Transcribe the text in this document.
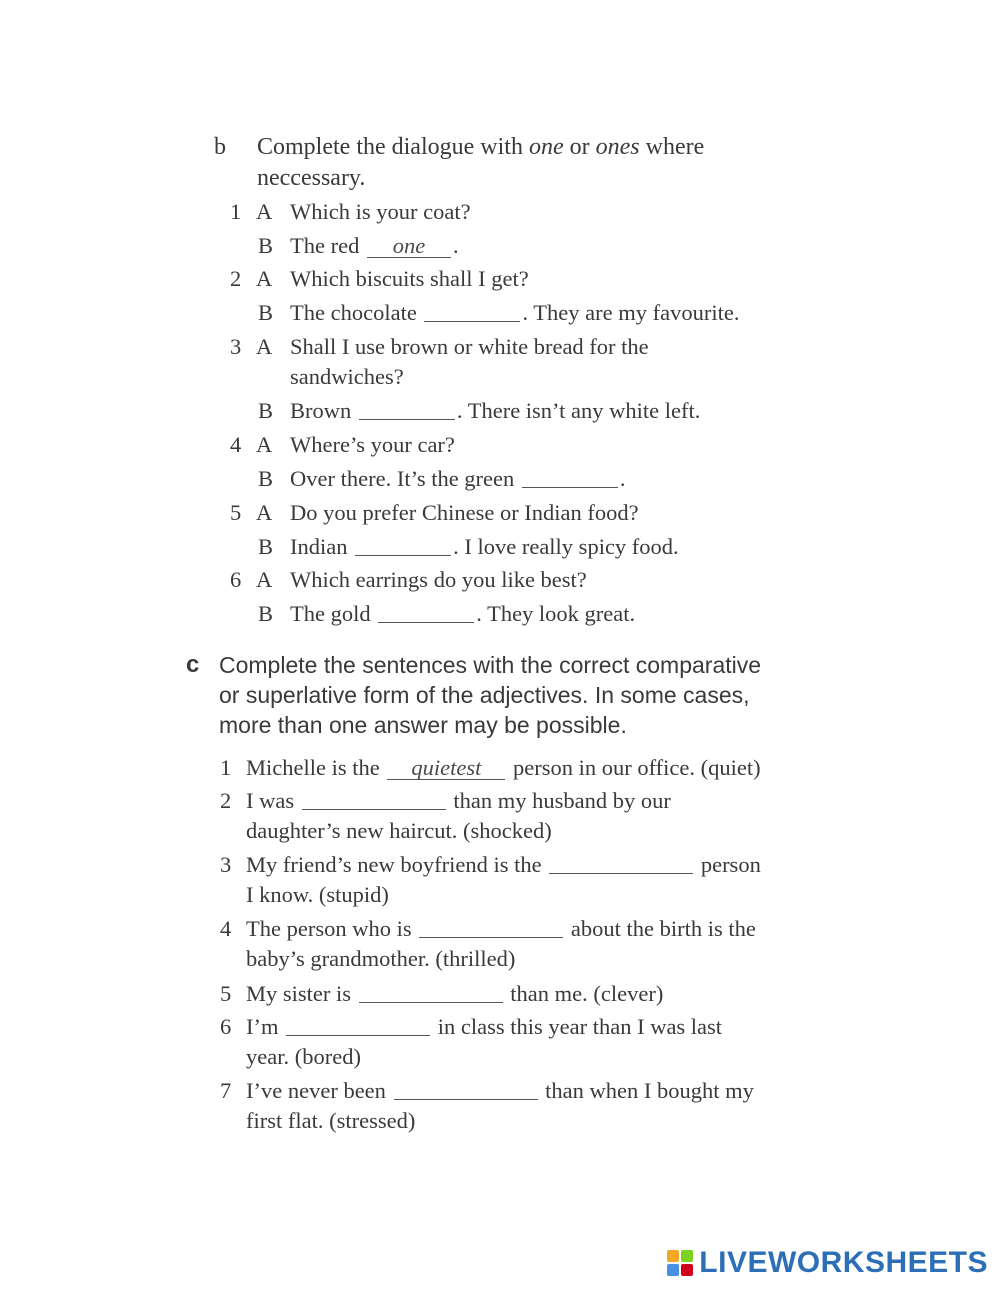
b Complete the dialogue with one or ones where
neccessary.
1 A Which is your coat?
B The red one .
2 A Which biscuits shall I get?
B The chocolate	. They are my favourite.
3 A Shall I use brown or white bread for the
sandwiches?
B Brown	. There isn’t any white left.
4 A Where’s your car?
B Over there. It’s the green	.
5 A Do you prefer Chinese or Indian food?
B Indian	. I love really spicy food.
6 A Which earrings do you like best?
B The gold	. They look great.
c Complete the sentences with the correct comparative
or superlative form of the adjectives. In some cases,
more than one answer may be possible.
1 Michelle is the quietest person in our office. (quiet)
2 I was	than my husband by our
daughter’s new haircut. (shocked)
3 My friend’s new boyfriend is the	person
I know. (stupid)
4 The person who is	about the birth is the
baby’s grandmother. (thrilled)
5 My sister is	than me. (clever)
6 I’m	in class this year than I was last
year. (bored)
7 I’ve never been	than when I bought my
first flat. (stressed)
LIVEWORKSHEETS
